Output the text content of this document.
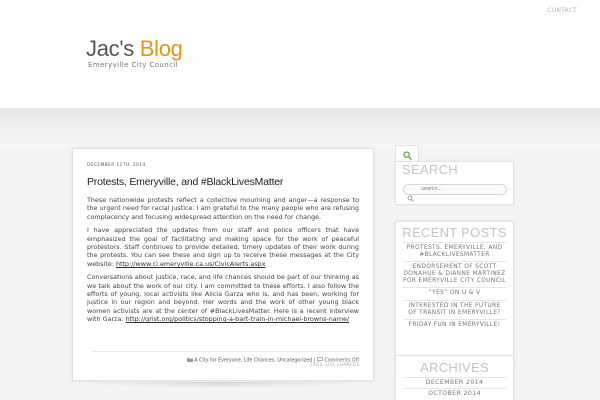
CONTACT
Jac's Blog
Emeryville City Council
DECEMBER 11TH, 2014
Protests, Emeryville, and #BlackLivesMatter

These nationwide protests reflect a collective mourning and anger—a response to the urgent need for racial justice. I am grateful to the many people who are refusing complacency and focusing widespread attention on the need for change.

I have appreciated the updates from our staff and police officers that have emphasized the goal of facilitating and making space for the work of peaceful protestors. Staff continues to provide detailed, timely updates of their work during the protests. You can see these and sign up to receive these messages at the City website: http://www.ci.emeryville.ca.us/CivicAlerts.aspx

Conversations about justice, race, and life chances should be part of our thinking as we talk about the work of our city. I am committed to these efforts. I also follow the efforts of young, local activists like Alicia Garza who is, and has been, working for justice in our region and beyond. Her words and the work of other young black women activists are at the center of #BlackLivesMatter. Here is a recent interview with Garza: http://grist.org/politics/stopping-a-bart-train-in-michael-browns-name/

A City for Everyone, Life Chances, Uncategorized | Comments Off
TAGS: LIFE CHANCES
SEARCH
Search...
RECENT POSTS
PROTESTS, EMERYVILLE, AND #BLACKLIVESMATTER
ENDORSEMENT OF SCOTT DONAHUE & DIANNE MARTINEZ FOR EMERYVILLE CITY COUNCIL
“YES” ON U & V
INTERESTED IN THE FUTURE OF TRANSIT IN EMERYVILLE?
FRIDAY FUN IN EMERYVILLE!
ARCHIVES
DECEMBER 2014
OCTOBER 2014
